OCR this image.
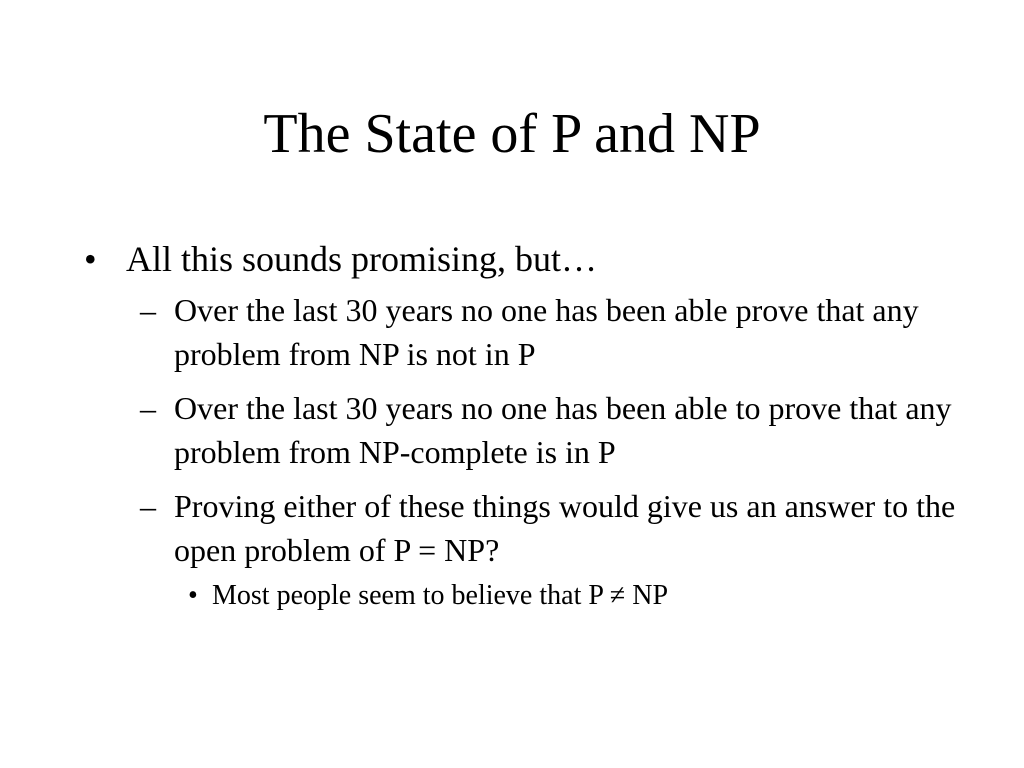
The State of P and NP
• All this sounds promising, but…
– Over the last 30 years no one has been able prove that any problem from NP is not in P
– Over the last 30 years no one has been able to prove that any problem from NP-complete is in P
– Proving either of these things would give us an answer to the open problem of P = NP?
• Most people seem to believe that P ≠ NP
